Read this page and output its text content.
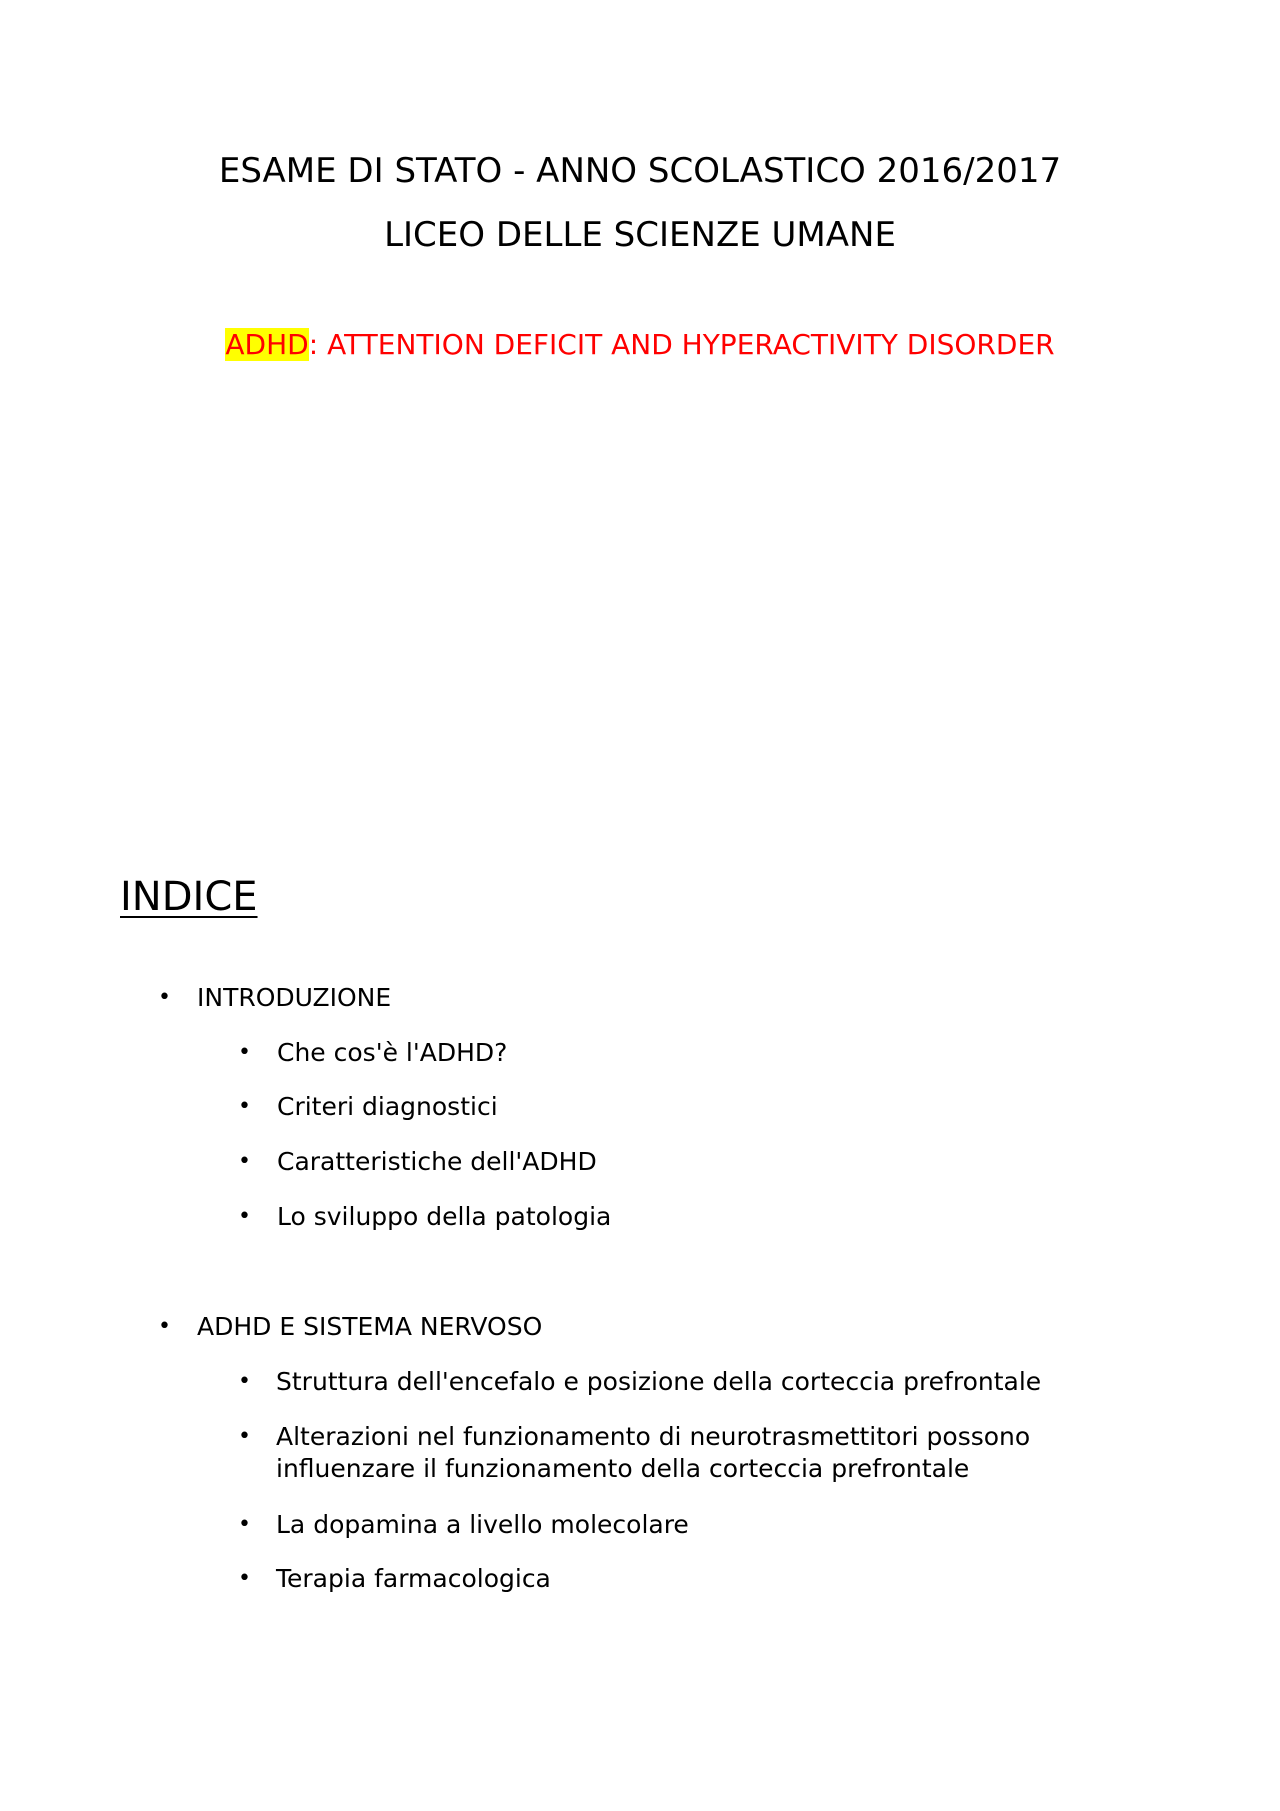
ESAME DI STATO - ANNO SCOLASTICO 2016/2017
LICEO DELLE SCIENZE UMANE
ADHD: ATTENTION DEFICIT AND HYPERACTIVITY DISORDER
INDICE
• INTRODUZIONE
• Che cos'è l'ADHD?
• Criteri diagnostici
• Caratteristiche dell'ADHD
• Lo sviluppo della patologia
• ADHD E SISTEMA NERVOSO
• Struttura dell'encefalo e posizione della corteccia prefrontale
• Alterazioni nel funzionamento di neurotrasmettitori possono
influenzare il funzionamento della corteccia prefrontale
• La dopamina a livello molecolare
• Terapia farmacologica
